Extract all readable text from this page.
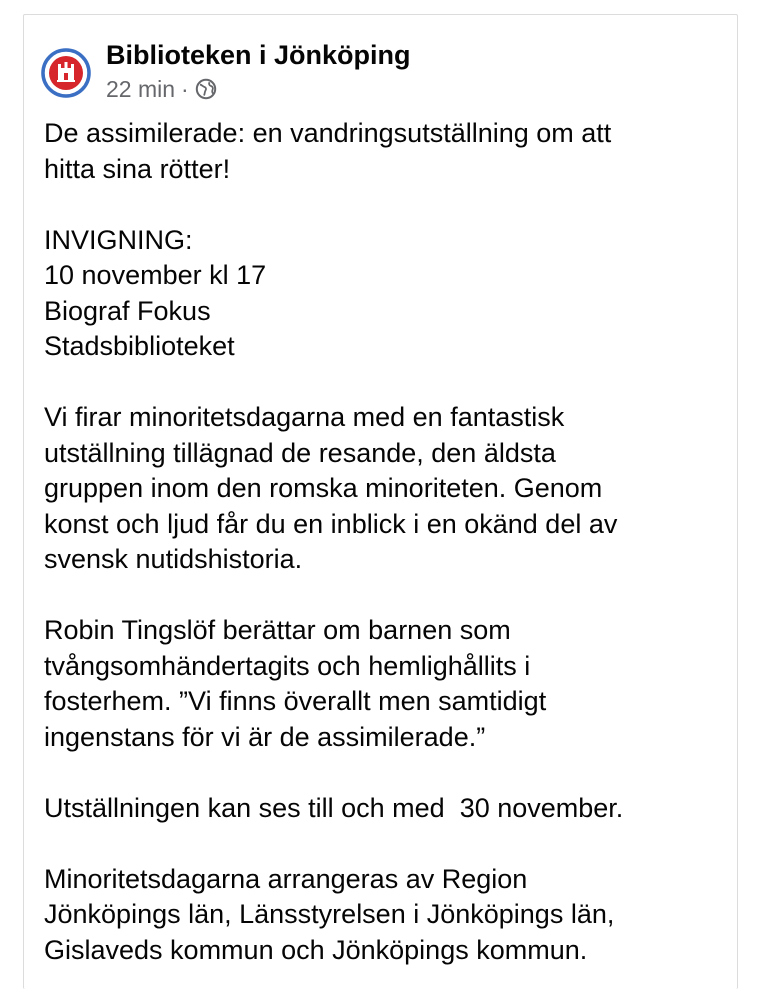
Biblioteken i Jönköping
22 min ·
De assimilerade: en vandringsutställning om att
hitta sina rötter!
INVIGNING:
10 november kl 17
Biograf Fokus
Stadsbiblioteket
Vi firar minoritetsdagarna med en fantastisk
utställning tillägnad de resande, den äldsta
gruppen inom den romska minoriteten. Genom
konst och ljud får du en inblick i en okänd del av
svensk nutidshistoria.
Robin Tingslöf berättar om barnen som
tvångsomhändertagits och hemlighållits i
fosterhem. ”Vi finns överallt men samtidigt
ingenstans för vi är de assimilerade.”
Utställningen kan ses till och med  30 november.
Minoritetsdagarna arrangeras av Region
Jönköpings län, Länsstyrelsen i Jönköpings län,
Gislaveds kommun och Jönköpings kommun.
